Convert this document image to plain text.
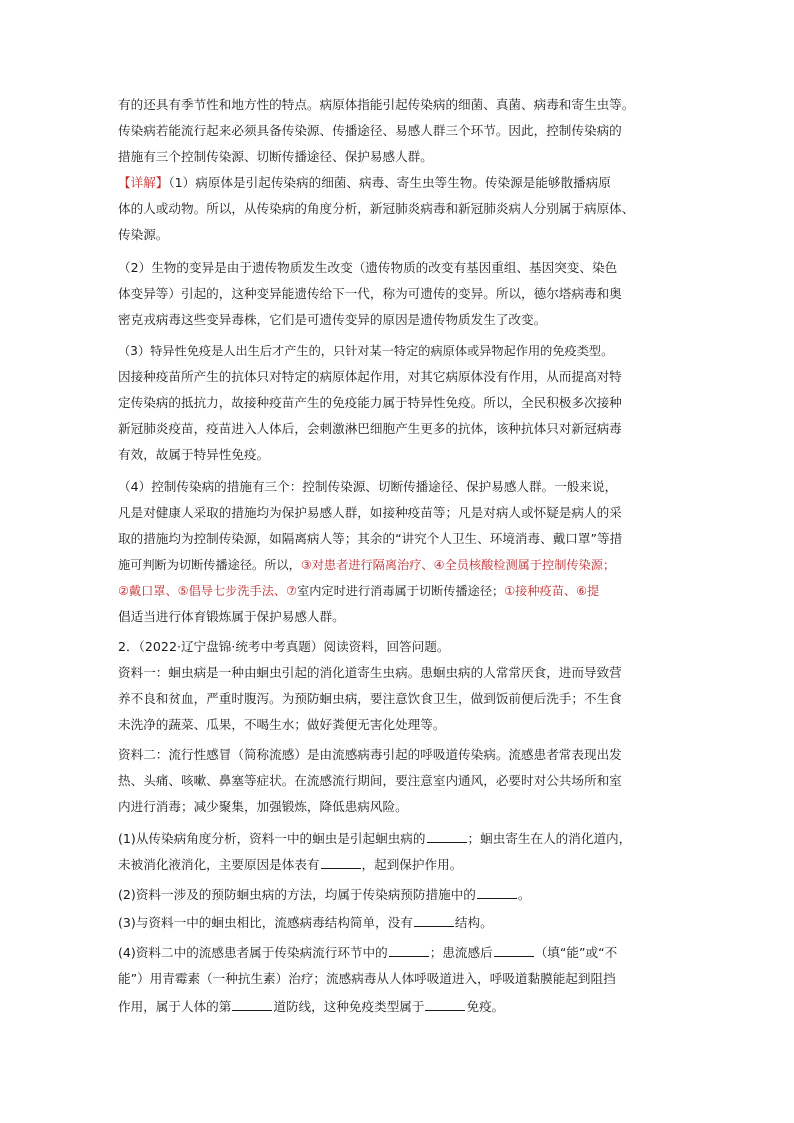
有的还具有季节性和地方性的特点。病原体指能引起传染病的细菌、真菌、病毒和寄生虫等。
传染病若能流行起来必须具备传染源、传播途径、易感人群三个环节。因此，控制传染病的
措施有三个控制传染源、切断传播途径、保护易感人群。
【详解】（1）病原体是引起传染病的细菌、病毒、寄生虫等生物。传染源是能够散播病原
体的人或动物。所以，从传染病的角度分析，新冠肺炎病毒和新冠肺炎病人分别属于病原体、
传染源。
（2）生物的变异是由于遗传物质发生改变（遗传物质的改变有基因重组、基因突变、染色
体变异等）引起的，这种变异能遗传给下一代，称为可遗传的变异。所以，德尔塔病毒和奥
密克戎病毒这些变异毒株，它们是可遗传变异的原因是遗传物质发生了改变。
（3）特异性免疫是人出生后才产生的，只针对某一特定的病原体或异物起作用的免疫类型。
因接种疫苗所产生的抗体只对特定的病原体起作用，对其它病原体没有作用，从而提高对特
定传染病的抵抗力，故接种疫苗产生的免疫能力属于特异性免疫。所以，全民积极多次接种
新冠肺炎疫苗，疫苗进入人体后，会刺激淋巴细胞产生更多的抗体，该种抗体只对新冠病毒
有效，故属于特异性免疫。
（4）控制传染病的措施有三个：控制传染源、切断传播途径、保护易感人群。一般来说，
凡是对健康人采取的措施均为保护易感人群，如接种疫苗等；凡是对病人或怀疑是病人的采
取的措施均为控制传染源，如隔离病人等；其余的“讲究个人卫生、环境消毒、戴口罩”等措
施可判断为切断传播途径。所以，③对患者进行隔离治疗、④全员核酸检测属于控制传染源；
②戴口罩、⑤倡导七步洗手法、⑦室内定时进行消毒属于切断传播途径；①接种疫苗、⑥提
倡适当进行体育锻炼属于保护易感人群。
2．（2022·辽宁盘锦·统考中考真题）阅读资料，回答问题。
资料一：蛔虫病是一种由蛔虫引起的消化道寄生虫病。患蛔虫病的人常常厌食，进而导致营
养不良和贫血，严重时腹泻。为预防蛔虫病，要注意饮食卫生，做到饭前便后洗手；不生食
未洗净的蔬菜、瓜果，不喝生水；做好粪便无害化处理等。
资料二：流行性感冒（简称流感）是由流感病毒引起的呼吸道传染病。流感患者常表现出发
热、头痛、咳嗽、鼻塞等症状。在流感流行期间，要注意室内通风，必要时对公共场所和室
内进行消毒；减少聚集，加强锻炼，降低患病风险。
(1)从传染病角度分析，资料一中的蛔虫是引起蛔虫病的	；蛔虫寄生在人的消化道内，
未被消化液消化，主要原因是体表有	，起到保护作用。
(2)资料一涉及的预防蛔虫病的方法，均属于传染病预防措施中的	。
(3)与资料一中的蛔虫相比，流感病毒结构简单，没有	结构。
(4)资料二中的流感患者属于传染病流行环节中的	；患流感后	（填“能”或“不
能”）用青霉素（一种抗生素）治疗；流感病毒从人体呼吸道进入，呼吸道黏膜能起到阻挡
作用，属于人体的第	道防线，这种免疫类型属于	免疫。
